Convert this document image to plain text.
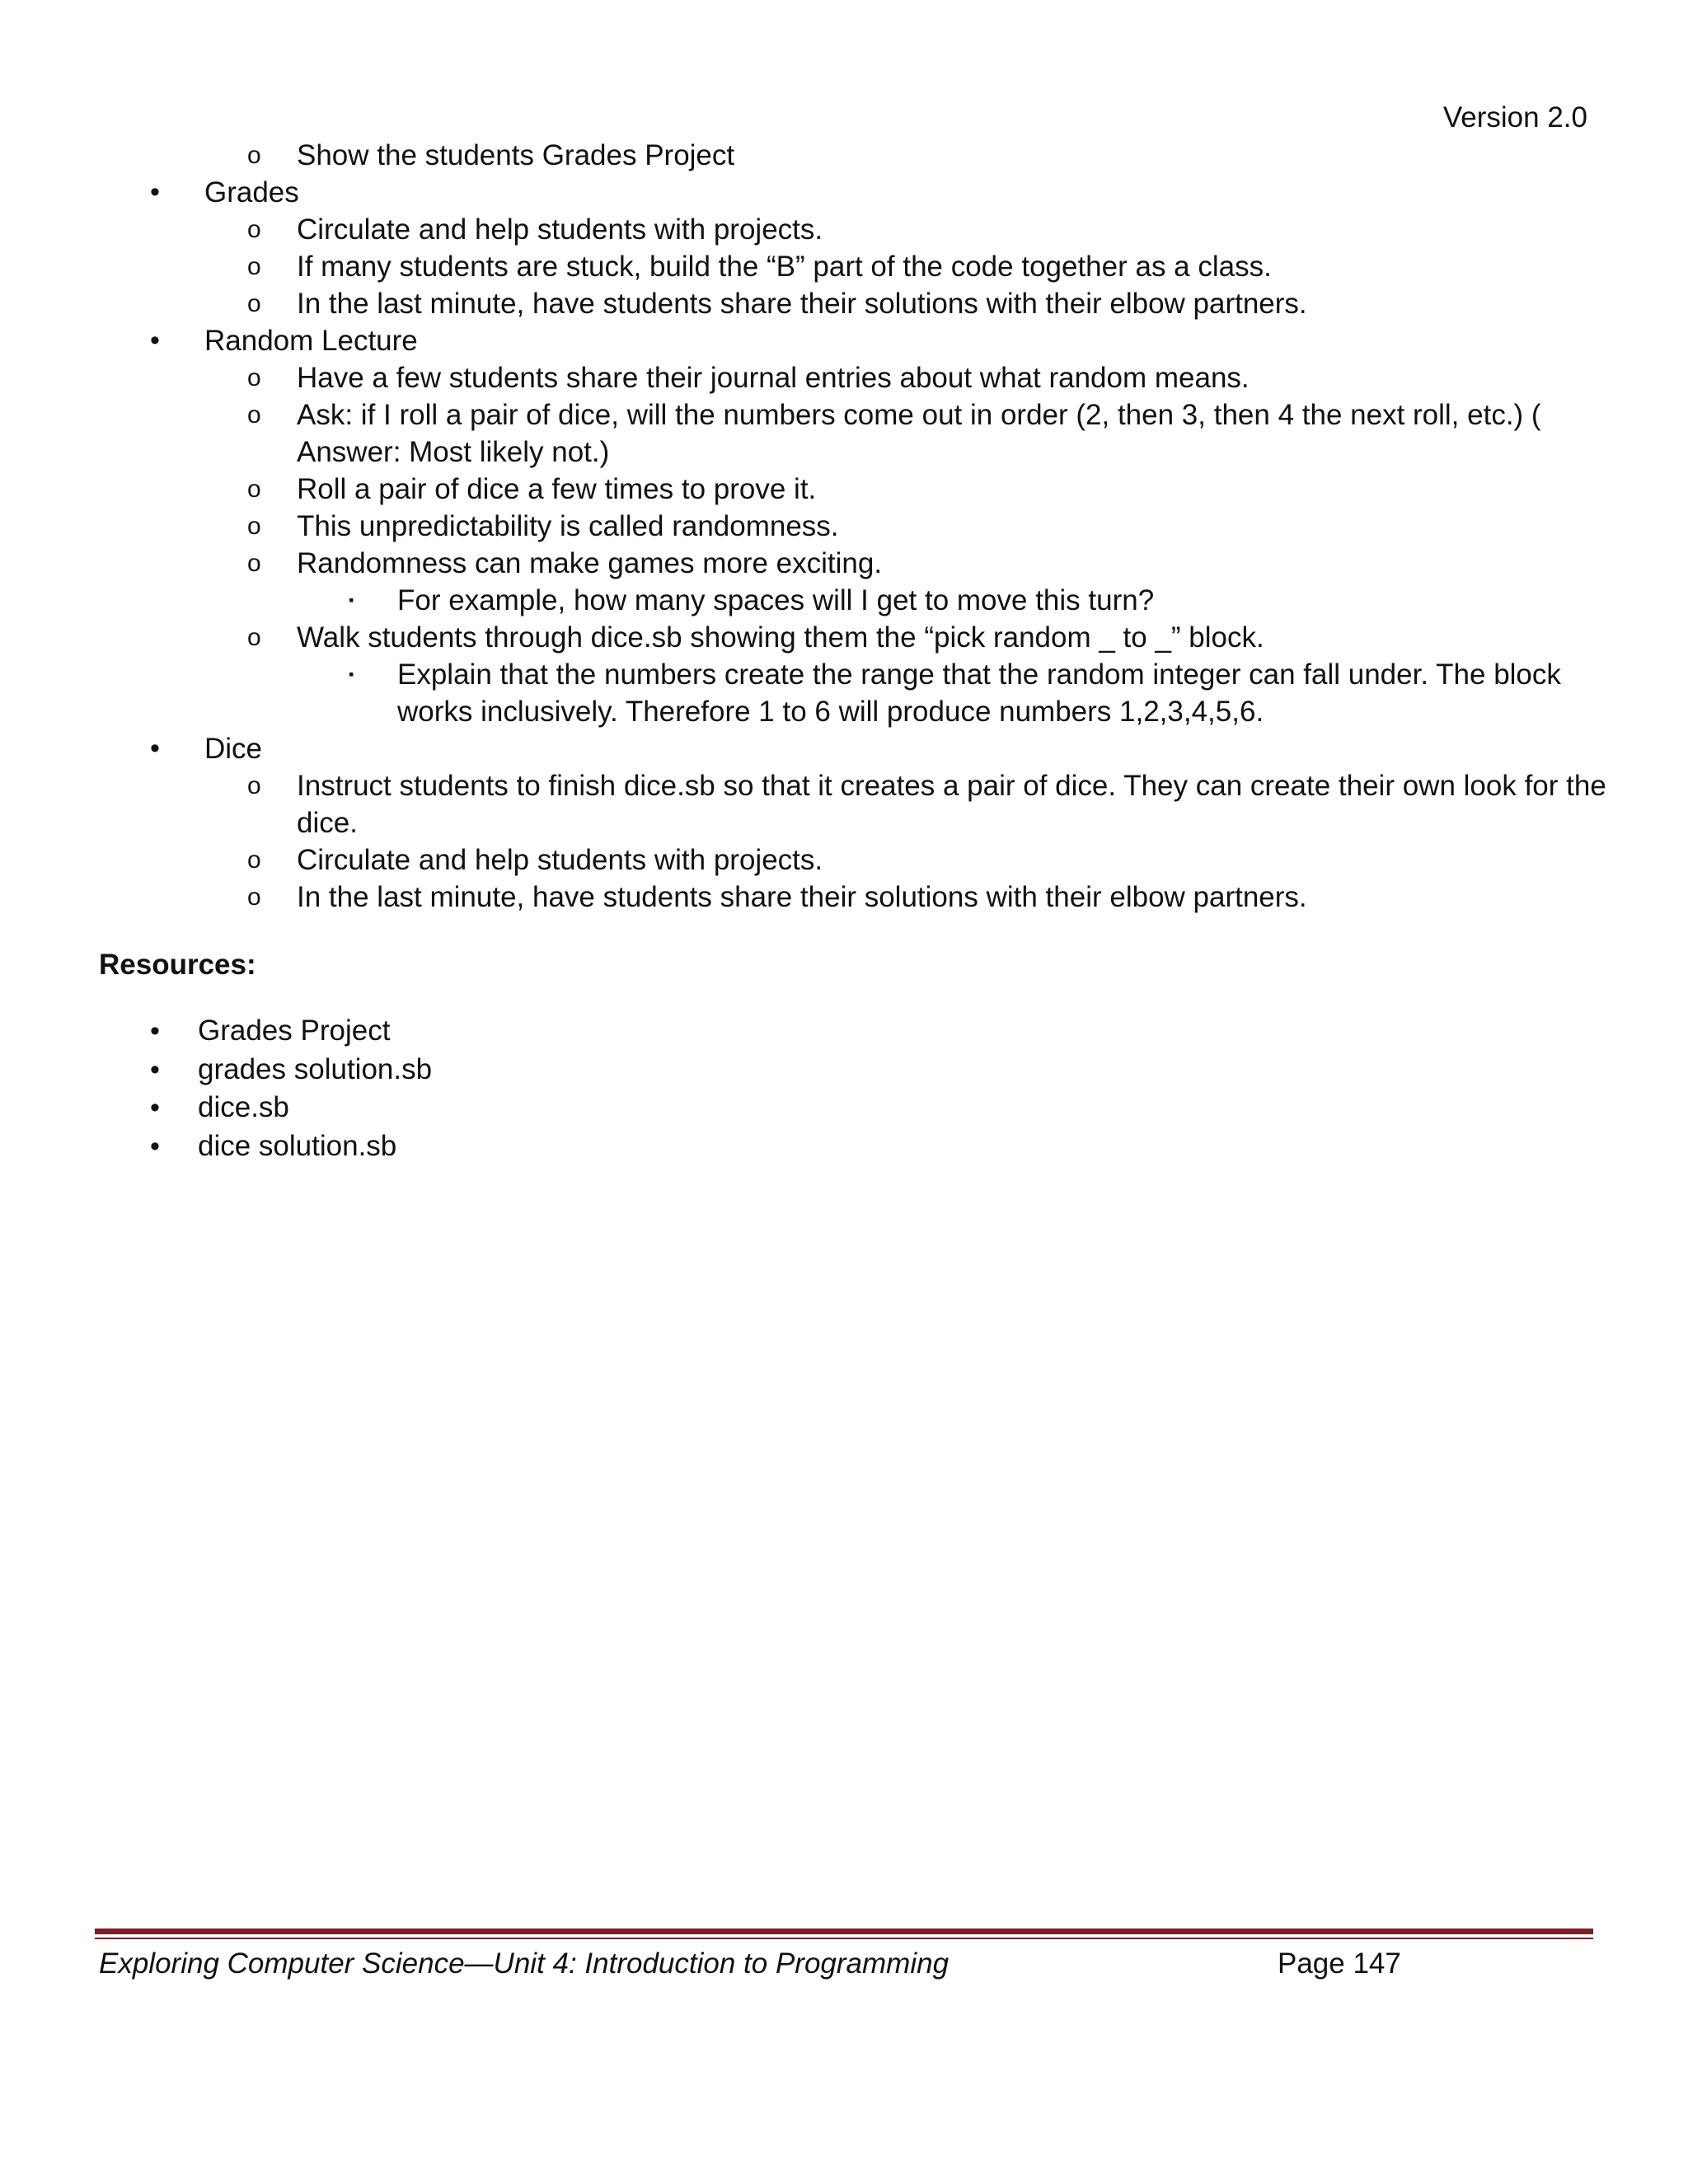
Version 2.0
o Show the students Grades Project
• Grades
o Circulate and help students with projects.
o If many students are stuck, build the “B” part of the code together as a class.
o In the last minute, have students share their solutions with their elbow partners.
• Random Lecture
o Have a few students share their journal entries about what random means.
o Ask: if I roll a pair of dice, will the numbers come out in order (2, then 3, then 4 the next roll, etc.) (
Answer: Most likely not.)
o Roll a pair of dice a few times to prove it.
o This unpredictability is called randomness.
o Randomness can make games more exciting.
▪ For example, how many spaces will I get to move this turn?
o Walk students through dice.sb showing them the “pick random _ to _” block.
▪ Explain that the numbers create the range that the random integer can fall under. The block
works inclusively. Therefore 1 to 6 will produce numbers 1,2,3,4,5,6.
• Dice
o Instruct students to finish dice.sb so that it creates a pair of dice. They can create their own look for the
dice.
o Circulate and help students with projects.
o In the last minute, have students share their solutions with their elbow partners.
Resources:
• Grades Project
• grades solution.sb
• dice.sb
• dice solution.sb
Exploring Computer Science—Unit 4: Introduction to Programming	Page 147
